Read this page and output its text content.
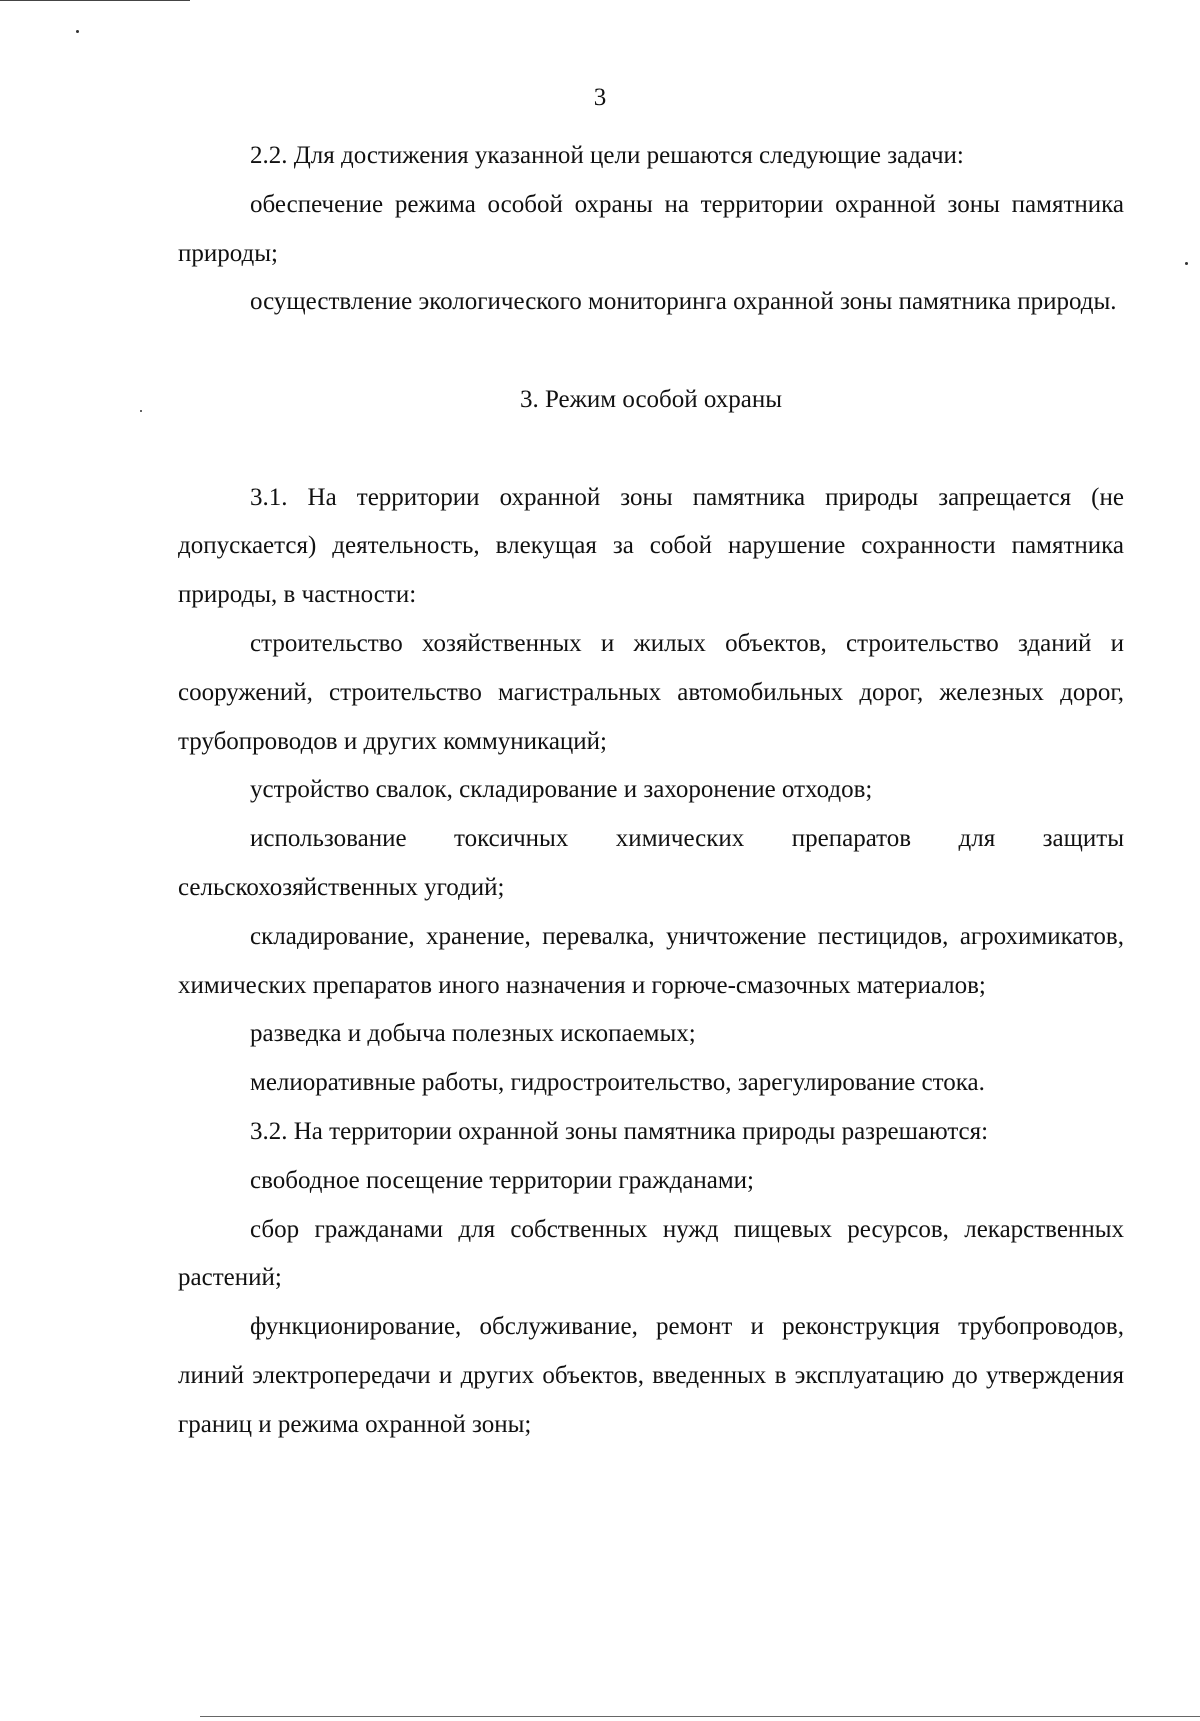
3

2.2. Для достижения указанной цели решаются следующие задачи:

обеспечение режима особой охраны на территории охранной зоны памятника природы;

осуществление экологического мониторинга охранной зоны памятника природы.

3. Режим особой охраны

3.1. На территории охранной зоны памятника природы запрещается (не допускается) деятельность, влекущая за собой нарушение сохранности памятника природы, в частности:

строительство хозяйственных и жилых объектов, строительство зданий и сооружений, строительство магистральных автомобильных дорог, железных дорог, трубопроводов и других коммуникаций;

устройство свалок, складирование и захоронение отходов;

использование токсичных химических препаратов для защиты сельскохозяйственных угодий;

складирование, хранение, перевалка, уничтожение пестицидов, агрохимикатов, химических препаратов иного назначения и горюче-смазочных материалов;

разведка и добыча полезных ископаемых;

мелиоративные работы, гидростроительство, зарегулирование стока.

3.2. На территории охранной зоны памятника природы разрешаются:

свободное посещение территории гражданами;

сбор гражданами для собственных нужд пищевых ресурсов, лекарственных растений;

функционирование, обслуживание, ремонт и реконструкция трубопроводов, линий электропередачи и других объектов, введенных в эксплуатацию до утверждения границ и режима охранной зоны;
